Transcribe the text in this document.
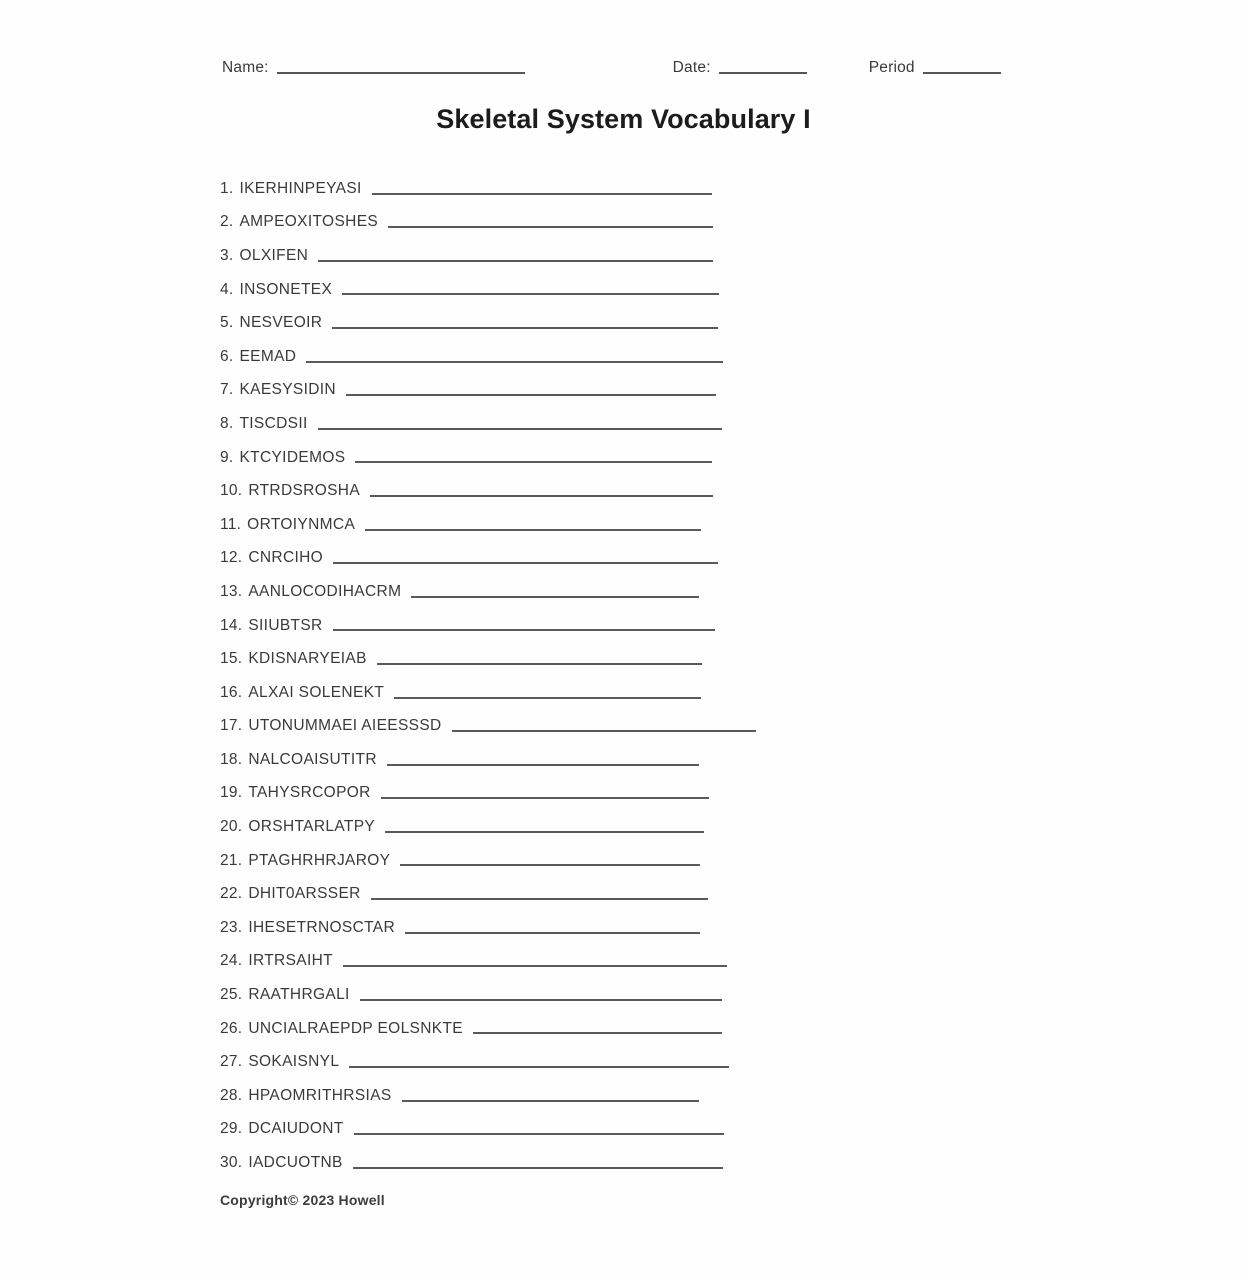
Name:	Date:	Period
Skeletal System Vocabulary I
1. IKERHINPEYASI
2. AMPEOXITOSHES
3. OLXIFEN
4. INSONETEX
5. NESVEOIR
6. EEMAD
7. KAESYSIDIN
8. TISCDSII
9. KTCYIDEMOS
10. RTRDSROSHA
11. ORTOIYNMCA
12. CNRCIHO
13. AANLOCODIHACRM
14. SIIUBTSR
15. KDISNARYEIAB
16. ALXAI SOLENEKT
17. UTONUMMAEI AIEESSSD
18. NALCOAISUTITR
19. TAHYSRCOPOR
20. ORSHTARLATPY
21. PTAGHRHRJAROY
22. DHIT0ARSSER
23. IHESETRNOSCTAR
24. IRTRSAIHT
25. RAATHRGALI
26. UNCIALRAEPDP EOLSNKTE
27. SOKAISNYL
28. HPAOMRITHRSIAS
29. DCAIUDONT
30. IADCUOTNB
Copyright© 2023 Howell
